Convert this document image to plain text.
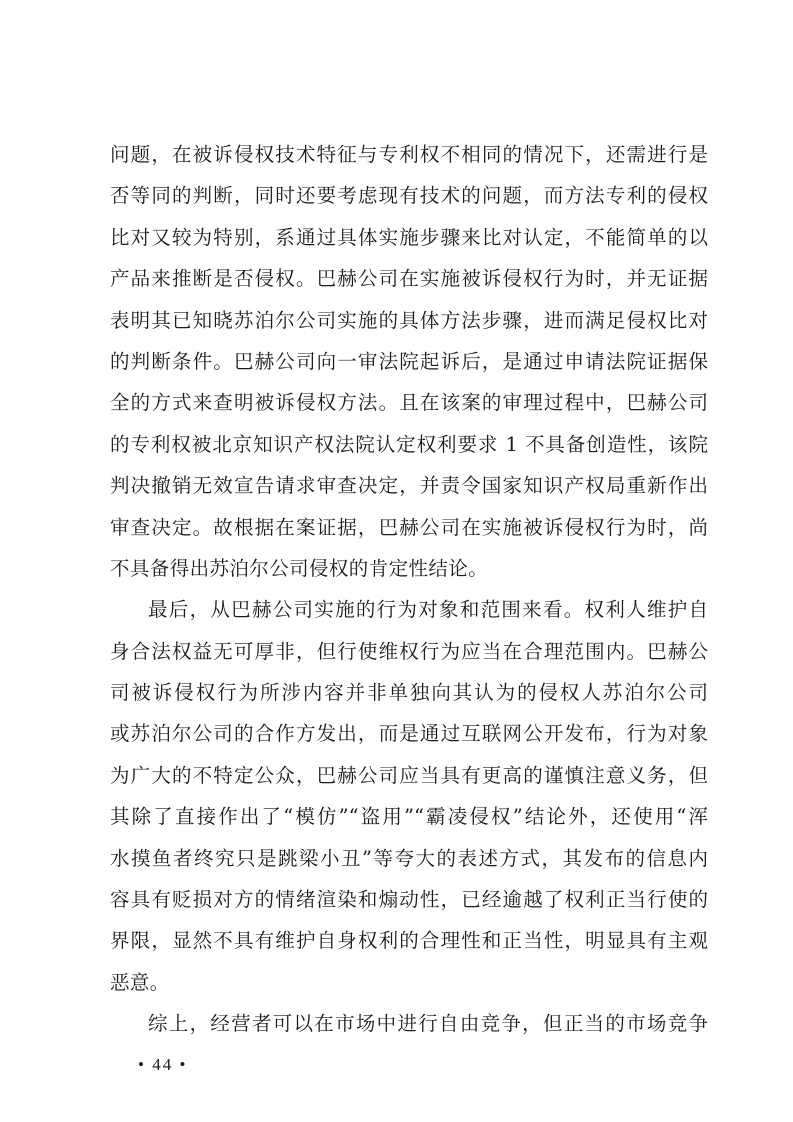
问题，在被诉侵权技术特征与专利权不相同的情况下，还需进行是
否等同的判断，同时还要考虑现有技术的问题，而方法专利的侵权
比对又较为特别，系通过具体实施步骤来比对认定，不能简单的以
产品来推断是否侵权。巴赫公司在实施被诉侵权行为时，并无证据
表明其已知晓苏泊尔公司实施的具体方法步骤，进而满足侵权比对
的判断条件。巴赫公司向一审法院起诉后，是通过申请法院证据保
全的方式来查明被诉侵权方法。且在该案的审理过程中，巴赫公司
的专利权被北京知识产权法院认定权利要求 1 不具备创造性，该院
判决撤销无效宣告请求审查决定，并责令国家知识产权局重新作出
审查决定。故根据在案证据，巴赫公司在实施被诉侵权行为时，尚
不具备得出苏泊尔公司侵权的肯定性结论。
最后，从巴赫公司实施的行为对象和范围来看。权利人维护自
身合法权益无可厚非，但行使维权行为应当在合理范围内。巴赫公
司被诉侵权行为所涉内容并非单独向其认为的侵权人苏泊尔公司
或苏泊尔公司的合作方发出，而是通过互联网公开发布，行为对象
为广大的不特定公众，巴赫公司应当具有更高的谨慎注意义务，但
其除了直接作出了“模仿”“盗用”“霸凌侵权”结论外，还使用“浑
水摸鱼者终究只是跳梁小丑”等夸大的表述方式，其发布的信息内
容具有贬损对方的情绪渲染和煽动性，已经逾越了权利正当行使的
界限，显然不具有维护自身权利的合理性和正当性，明显具有主观
恶意。
综上，经营者可以在市场中进行自由竞争，但正当的市场竞争
• 44 •
